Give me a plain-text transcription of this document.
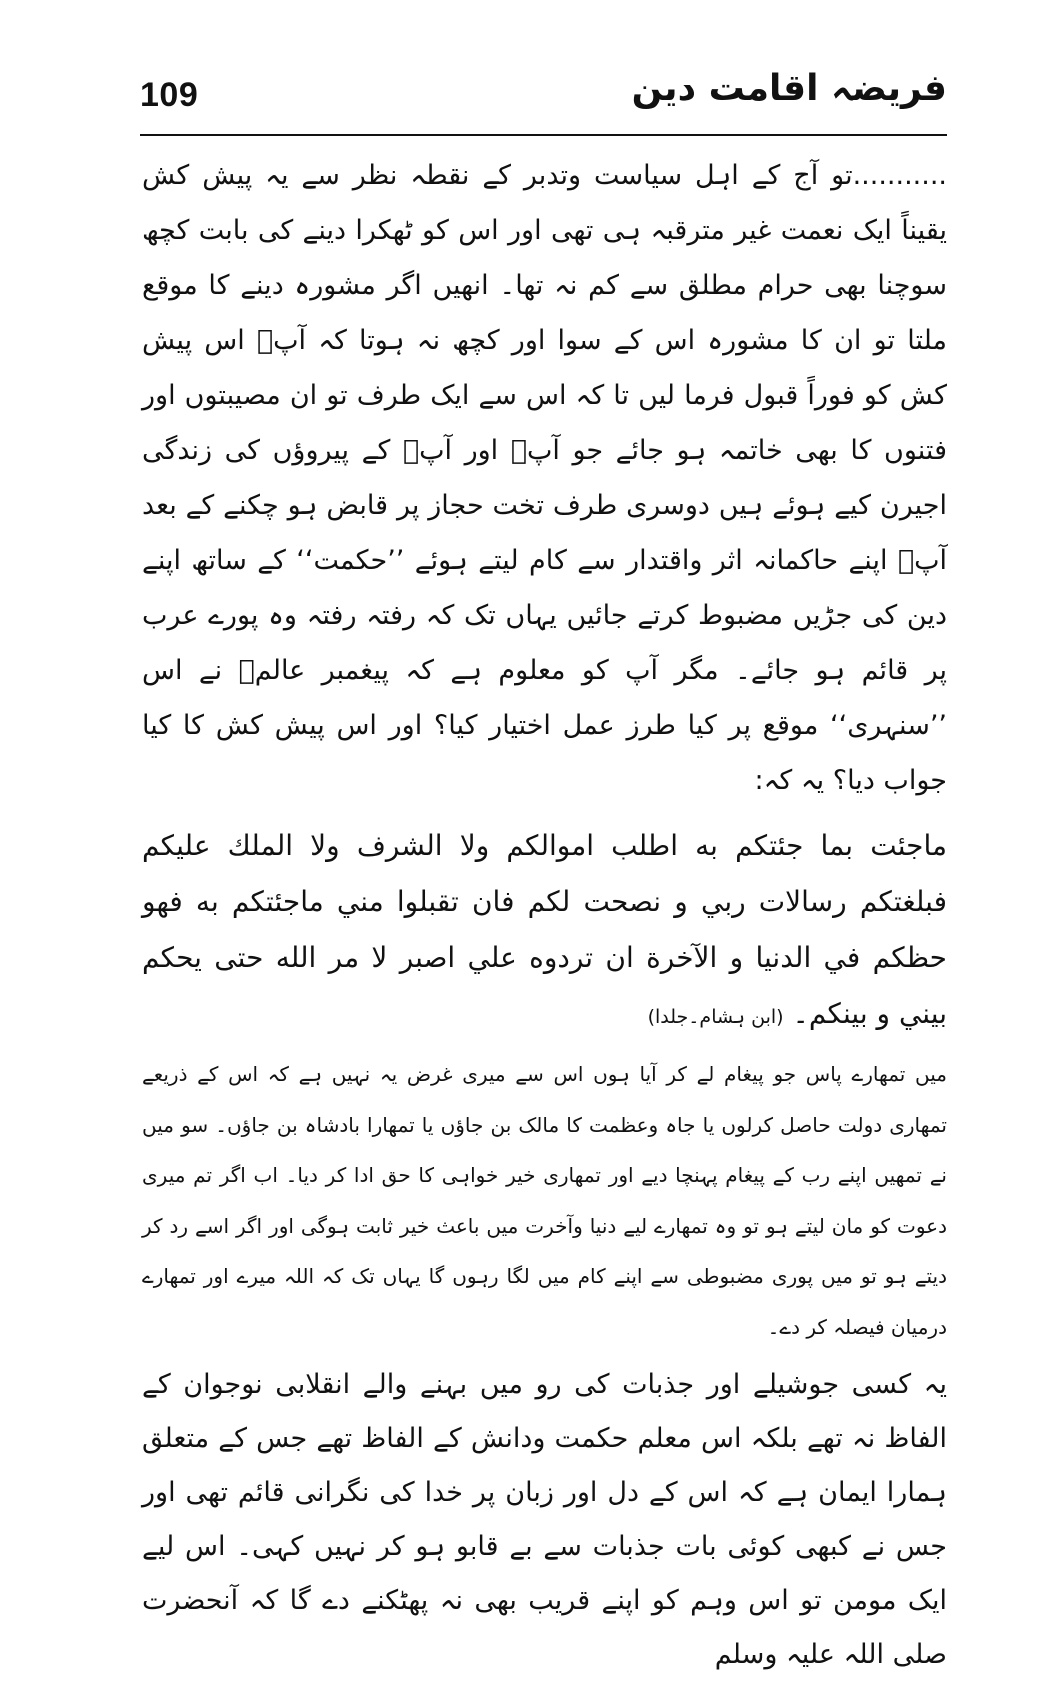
109	فریضہ اقامت دین

...........تو آج کے اہل سیاست وتدبر کے نقطہ نظر سے یہ پیش کش یقیناً ایک نعمت غیر مترقبہ ہی تھی اور اس کو ٹھکرا دینے کی بابت کچھ سوچنا بھی حرام مطلق سے کم نہ تھا۔ انھیں اگر مشورہ دینے کا موقع ملتا تو ان کا مشورہ اس کے سوا اور کچھ نہ ہوتا کہ آپؐ اس پیش کش کو فوراً قبول فرما لیں تا کہ اس سے ایک طرف تو ان مصیبتوں اور فتنوں کا بھی خاتمہ ہو جائے جو آپؐ اور آپؐ کے پیروؤں کی زندگی اجیرن کیے ہوئے ہیں دوسری طرف تخت حجاز پر قابض ہو چکنے کے بعد آپؐ اپنے حاکمانہ اثر واقتدار سے کام لیتے ہوئے ’’حکمت‘‘ کے ساتھ اپنے دین کی جڑیں مضبوط کرتے جائیں یہاں تک کہ رفتہ رفتہ وہ پورے عرب پر قائم ہو جائے۔ مگر آپ کو معلوم ہے کہ پیغمبر عالمؐ نے اس ’’سنہری‘‘ موقع پر کیا طرز عمل اختیار کیا؟ اور اس پیش کش کا کیا جواب دیا؟ یہ کہ:

ماجئت بما جئتكم به اطلب اموالكم ولا الشرف ولا الملك عليكم فبلغتكم رسالات ربي و نصحت لكم فان تقبلوا مني ماجئتكم به فهو حظكم في الدنيا و الآخرة ان تردوه علي اصبر لا مر الله حتى يحكم بيني و بينكم۔ (ابن ہشام۔جلدا)

میں تمھارے پاس جو پیغام لے کر آیا ہوں اس سے میری غرض یہ نہیں ہے کہ اس کے ذریعے تمھاری دولت حاصل کرلوں یا جاہ وعظمت کا مالک بن جاؤں یا تمھارا بادشاہ بن جاؤں۔ سو میں نے تمھیں اپنے رب کے پیغام پہنچا دیے اور تمھاری خیر خواہی کا حق ادا کر دیا۔ اب اگر تم میری دعوت کو مان لیتے ہو تو وہ تمھارے لیے دنیا وآخرت میں باعث خیر ثابت ہوگی اور اگر اسے رد کر دیتے ہو تو میں پوری مضبوطی سے اپنے کام میں لگا رہوں گا یہاں تک کہ اللہ میرے اور تمھارے درمیان فیصلہ کر دے۔

یہ کسی جوشیلے اور جذبات کی رو میں بہنے والے انقلابی نوجوان کے الفاظ نہ تھے بلکہ اس معلم حکمت ودانش کے الفاظ تھے جس کے متعلق ہمارا ایمان ہے کہ اس کے دل اور زبان پر خدا کی نگرانی قائم تھی اور جس نے کبھی کوئی بات جذبات سے بے قابو ہو کر نہیں کہی۔ اس لیے ایک مومن تو اس وہم کو اپنے قریب بھی نہ پھٹکنے دے گا کہ آنحضرت صلی اللہ علیہ وسلم
